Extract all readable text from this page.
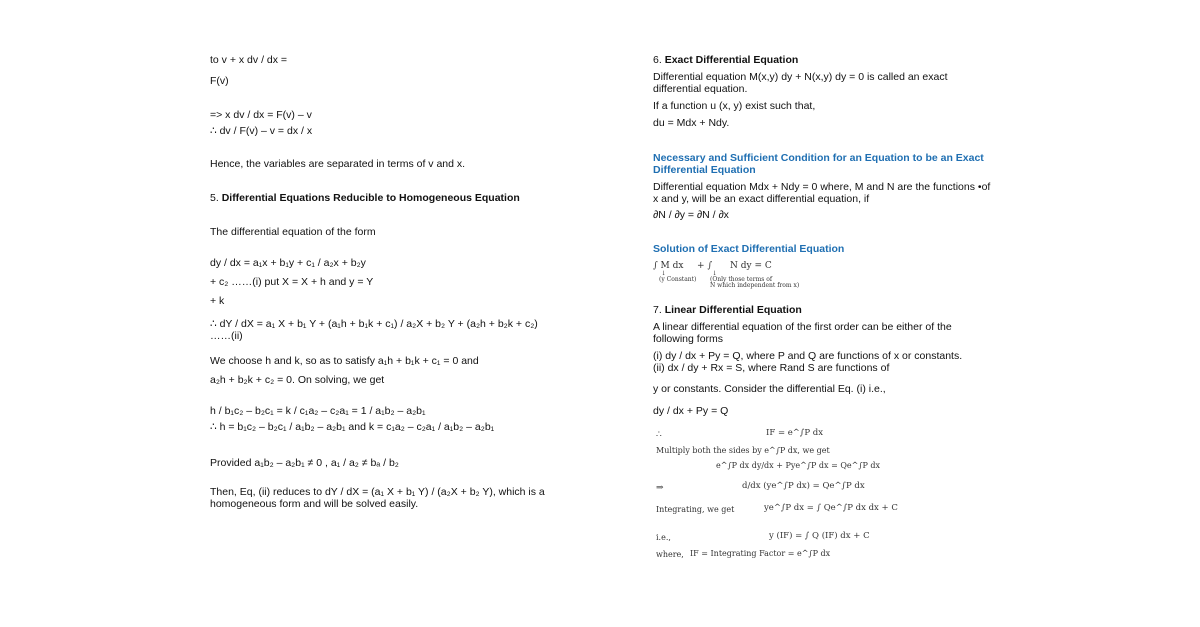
to v + x dv / dx =
F(v)
=> x dv / dx = F(v) – v
∴ dv / F(v) – v = dx / x
Hence, the variables are separated in terms of v and x.
5. Differential Equations Reducible to Homogeneous Equation
The differential equation of the form
dy / dx = a₁x + b₁y + c₁ / a₂x + b₂y
+ c₂ ……(i) put X = X + h and y = Y
+ k
∴ dY / dX = a₁ X + b₁ Y + (a₁h + b₁k + c₁) / a₂X + b₂ Y + (a₂h + b₂k + c₂) ……(ii)
We choose h and k, so as to satisfy a₁h + b₁k + c₁ = 0 and
a₂h + b₂k + c₂ = 0. On solving, we get
h / b₁c₂ – b₂c₁ = k / c₁a₂ – c₂a₁ = 1 / a₁b₂ – a₂b₁
∴ h = b₁c₂ – b₂c₁ / a₁b₂ – a₂b₁ and k = c₁a₂ – c₂a₁ / a₁b₂ – a₂b₁
Provided a₁b₂ – a₂b₁ ≠ 0 , a₁ / a₂ ≠ bₐ / b₂
Then, Eq, (ii) reduces to dY / dX = (a₁ X + b₁ Y) / (a₂X + b₂ Y), which is a homogeneous form and will be solved easily.
6. Exact Differential Equation
Differential equation M(x,y) dy + N(x,y) dy = 0 is called an exact differential equation.
If a function u (x, y) exist such that,
du = Mdx + Ndy.
Necessary and Sufficient Condition for an Equation to be an Exact Differential Equation
Differential equation Mdx + Ndy = 0 where, M and N are the functions •of x and y, will be an exact differential equation, if
∂N / ∂y = ∂N / ∂x
Solution of Exact Differential Equation
∫ M dx + ∫ N dy = C
↓
(y Constant)
↓
(Only those terms of
N which independent from x)
7. Linear Differential Equation
A linear differential equation of the first order can be either of the following forms
(i) dy / dx + Py = Q, where P and Q are functions of x or constants.
(ii) dx / dy + Rx = S, where Rand S are functions of
y or constants. Consider the differential Eq. (i) i.e.,
dy / dx + Py = Q
∴	IF = e^∫P dx
Multiply both the sides by e^∫P dx, we get
e^∫P dx dy/dx + Pye^∫P dx = Qe^∫P dx
⇒	d/dx (ye^∫P dx) = Qe^∫P dx
Integrating, we get	ye^∫P dx = ∫ Qe^∫P dx dx + C
i.e.,	y (IF) = ∫ Q (IF) dx + C
where, IF = Integrating Factor = e^∫P dx
